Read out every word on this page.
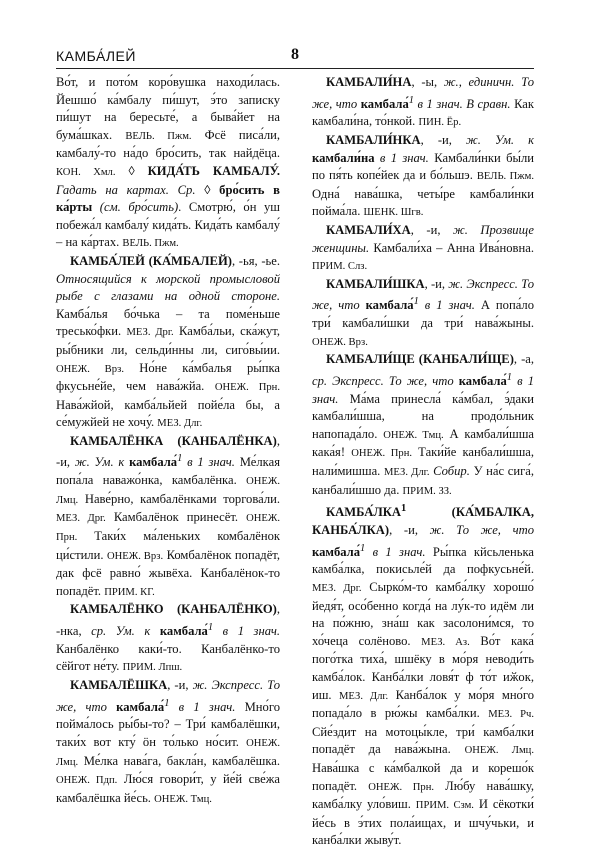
КАМБА́ЛЕЙ	8

Во́т, и пото́м коро́вушка находи́лась. Йешшо́ ка́мбалу пи́шут, э́то записку пи́шут на бересьте́, а быва́йет на бума́шках. ВЕЛЬ. Пжм. Фсё писа́ли, камбалу́-то на́до бро́сить, так найдёца. КОН. Хмл. ◊ КИДА́ТЬ КАМБАЛУ́. Гадать на картах. Ср. ◊ бро́сить в ка́рты (см. бро́сить). Смотрю́, о́н уш побежа́л камбалу́ кида́ть. Кида́ть камбалу́ – на ка́ртах. ВЕЛЬ. Пжм.

КАМБА́ЛЕЙ (КА́МБАЛЕЙ), -ья, -ье. Относящийся к морской промысловой рыбе с глазами на одной стороне. Камба́лья бо́чька – та поме́ньше тресько́фки. МЕЗ. Дрг. Камба́льи, ска́жут, ры́бники ли, сельди́нны ли, сиго́вы́ии. ОНЕЖ. Врз. Но́не ка́мбалья ры́пка фкусьне́йе, чем нава́жйа. ОНЕЖ. Прн. Нава́жйой, камба́льйей пойе́ла бы, а се́мужйей не хочу́. МЕЗ. Длг.

КАМБАЛЁНКА (КАНБАЛЁНКА), -и, ж. Ум. к камбала́$^1$ в 1 знач. Ме́лкая попа́ла наважо́нка, камбалёнка. ОНЕЖ. Лмц. Наве́рно, камбалёнками торгова́ли. МЕЗ. Дрг. Камбалёнок принесёт. ОНЕЖ. Прн. Таки́х ма́леньких комбалёнок ци́стили. ОНЕЖ. Врз. Комбалёнок попадёт, дак фсё равно́ жывёха. Канбалёнок-то попадёт. ПРИМ. КГ.

КАМБАЛЁНКО (КАНБАЛЁНКО), -нка, ср. Ум. к камбала́$^1$ в 1 знач. Канбалёнко каки́-то. Канбалёнко-то сёйгот не́ту. ПРИМ. Лпш.

КАМБАЛЁШКА, -и, ж. Экспресс. То же, что камбала́$^1$ в 1 знач. Мно́го пойма́лось ры́бы-то? – Три́ камбалёшки, таки́х вот кту́ ӧн то́лько но́сит. ОНЕЖ. Лмц. Ме́лка нава́га, бакла́н, камбалёшка. ОНЕЖ. Пдп. Лю́ся говори́т, у йе́й све́жа камбалёшка йе́сь. ОНЕЖ. Тмц.

КАМБАЛИ́НА, -ы, ж., единичн. То же, что камбала́$^1$ в 1 знач. В сравн. Как камбали́на, то́нкой. ПИН. Ёр.

КАМБАЛИ́НКА, -и, ж. Ум. к камбали́на в 1 знач. Камбали́нки бы́ли по пя́ть копе́йек да и бо́льшэ. ВЕЛЬ. Пжм. Одна́ нава́шка, четы́ре камбали́нки пойма́ла. ШЕНК. Шгв.

КАМБАЛИ́ХА, -и, ж. Прозвище женщины. Камбали́ха – Анна Ива́новна. ПРИМ. Слз.

КАМБАЛИ́ШКА, -и, ж. Экспресс. То же, что камбала́$^1$ в 1 знач. А попа́ло три́ камбали́шки да три́ нава́жыны. ОНЕЖ. Врз.

КАМБАЛИ́ЩЕ (КАНБАЛИ́ЩЕ), -а, ср. Экспресс. То же, что камбала́$^1$ в 1 знач. Ма́ма принесла́ ка́мбал, э́даки камбали́шша, на продо́льник напопада́ло. ОНЕЖ. Тмц. А камбали́шша кака́я! ОНЕЖ. Прн. Таки́йе канбали́шша, нали́мишша. МЕЗ. Длг. Собир. У на́с сига́, канбали́шшо да. ПРИМ. ЗЗ.

КАМБА́ЛКА$^1$ (КА́МБАЛКА, КАНБА́ЛКА), -и, ж. То же, что камбала́$^1$ в 1 знач. Ры́пка кйсьленька камба́лка, покисьле́й да пофкусьне́й. МЕЗ. Дрг. Сырко́м-то камба́лку хорошо́ йедя́т, осо́бенно когда́ на лу́к-то идём ли на по́жню, зна́ш как засолони́мся, то хо́чеца солёново. МЕЗ. Аз. Во́т кака́ пого́тка тиха́, шшёку в мо́ря неводи́ть камба́лок. Канба́лки ловя́т ф то́т иӂок, иш. МЕЗ. Длг. Канба́лок у мо́ря мно́го попада́ло в рю́жы камба́лки. МЕЗ. Рч. Сйе́здит на мотоцы́кле, три́ камба́лки попадёт да нава́жына. ОНЕЖ. Лмц. Нава́шка с ка́мбалкой да и корешо́к попадёт. ОНЕЖ. Прн. Лю́бу нава́шку, камба́лку уло́виш. ПРИМ. Сзм. И сёкотки́ йе́сь в э́тих пола́ищах, и шчу́чьки, и канба́лки жыву́т.
